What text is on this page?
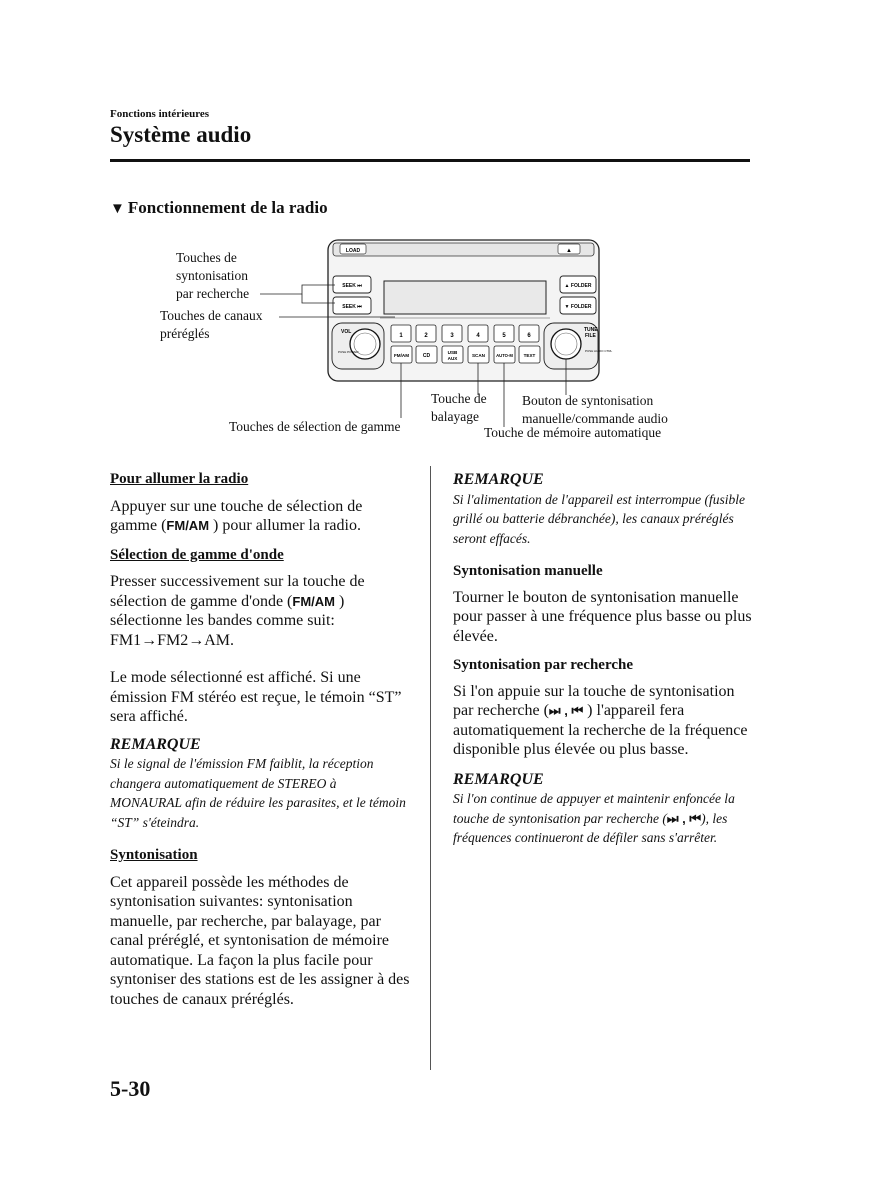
Fonctions intérieures
Système audio
▼ Fonctionnement de la radio
Touches de
syntonisation
par recherche
Touches de canaux
préréglés
Touches de sélection de gamme
Touche de
balayage
Bouton de syntonisation
manuelle/commande audio
Touche de mémoire automatique
LOAD	▲
SEEK ⏭
SEEK ⏮
▲ FOLDER
▼ FOLDER
1	2	3	4	5	6
FM/AM	CD
USB
AUX
SCAN	AUTO-M TEXT
VOL
PUSH POWER
TUNE
FILE
PUSH AUDIO CTRL

Pour allumer la radio

Appuyer sur une touche de sélection de gamme (FM/AM ) pour allumer la radio.

Sélection de gamme d'onde

Presser successivement sur la touche de sélection de gamme d'onde (FM/AM ) sélectionne les bandes comme suit: FM1→FM2→AM.

Le mode sélectionné est affiché. Si une émission FM stéréo est reçue, le témoin “ST” sera affiché.

REMARQUE

Si le signal de l'émission FM faiblit, la réception changera automatiquement de STEREO à MONAURAL afin de réduire les parasites, et le témoin “ST” s'éteindra.

Syntonisation

Cet appareil possède les méthodes de syntonisation suivantes: syntonisation manuelle, par recherche, par balayage, par canal préréglé, et syntonisation de mémoire automatique. La façon la plus facile pour syntoniser des stations est de les assigner à des touches de canaux préréglés.

REMARQUE

Si l'alimentation de l'appareil est interrompue (fusible grillé ou batterie débranchée), les canaux préréglés seront effacés.

Syntonisation manuelle

Tourner le bouton de syntonisation manuelle pour passer à une fréquence plus basse ou plus élevée.

Syntonisation par recherche

Si l'on appuie sur la touche de syntonisation par recherche (⏭ , ⏮ ) l'appareil fera automatiquement la recherche de la fréquence disponible plus élevée ou plus basse.

REMARQUE

Si l'on continue de appuyer et maintenir enfoncée la touche de syntonisation par recherche (⏭ , ⏮), les fréquences continueront de défiler sans s'arrêter.

5-30
